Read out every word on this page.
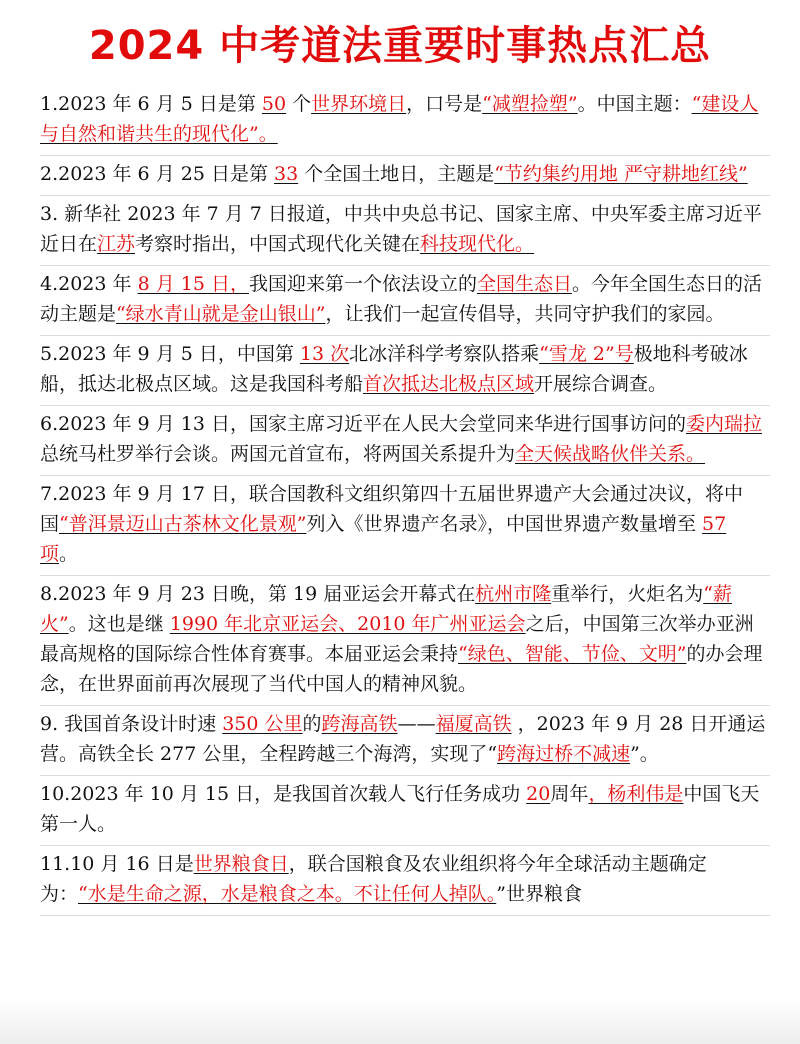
2024 中考道法重要时事热点汇总
1.2023 年 6 月 5 日是第 50 个世界环境日，口号是“减塑捡塑”。中国主题：“建设人与自然和谐共生的现代化”。
2.2023 年 6 月 25 日是第 33 个全国土地日，主题是“节约集约用地 严守耕地红线”
3. 新华社 2023 年 7 月 7 日报道，中共中央总书记、国家主席、中央军委主席习近平近日在江苏考察时指出，中国式现代化关键在科技现代化。
4.2023 年 8 月 15 日，我国迎来第一个依法设立的全国生态日。今年全国生态日的活动主题是“绿水青山就是金山银山”，让我们一起宣传倡导，共同守护我们的家园。
5.2023 年 9 月 5 日，中国第 13 次北冰洋科学考察队搭乘“雪龙 2”号极地科考破冰船，抵达北极点区域。这是我国科考船首次抵达北极点区域开展综合调查。
6.2023 年 9 月 13 日，国家主席习近平在人民大会堂同来华进行国事访问的委内瑞拉总统马杜罗举行会谈。两国元首宣布，将两国关系提升为全天候战略伙伴关系。
7.2023 年 9 月 17 日，联合国教科文组织第四十五届世界遗产大会通过决议，将中国“普洱景迈山古茶林文化景观”列入《世界遗产名录》，中国世界遗产数量增至 57 项。
8.2023 年 9 月 23 日晚，第 19 届亚运会开幕式在杭州市隆重举行，火炬名为“薪火”。这也是继 1990 年北京亚运会、2010 年广州亚运会之后，中国第三次举办亚洲最高规格的国际综合性体育赛事。本届亚运会秉持“绿色、智能、节俭、文明”的办会理念，在世界面前再次展现了当代中国人的精神风貌。
9. 我国首条设计时速 350 公里的跨海高铁——福厦高铁 ，2023 年 9 月 28 日开通运营。高铁全长 277 公里，全程跨越三个海湾，实现了“跨海过桥不减速”。
10.2023 年 10 月 15 日，是我国首次载人飞行任务成功 20周年，杨利伟是中国飞天第一人。
11.10 月 16 日是世界粮食日，联合国粮食及农业组织将今年全球活动主题确定为：“水是生命之源，水是粮食之本。不让任何人掉队。”世界粮食
